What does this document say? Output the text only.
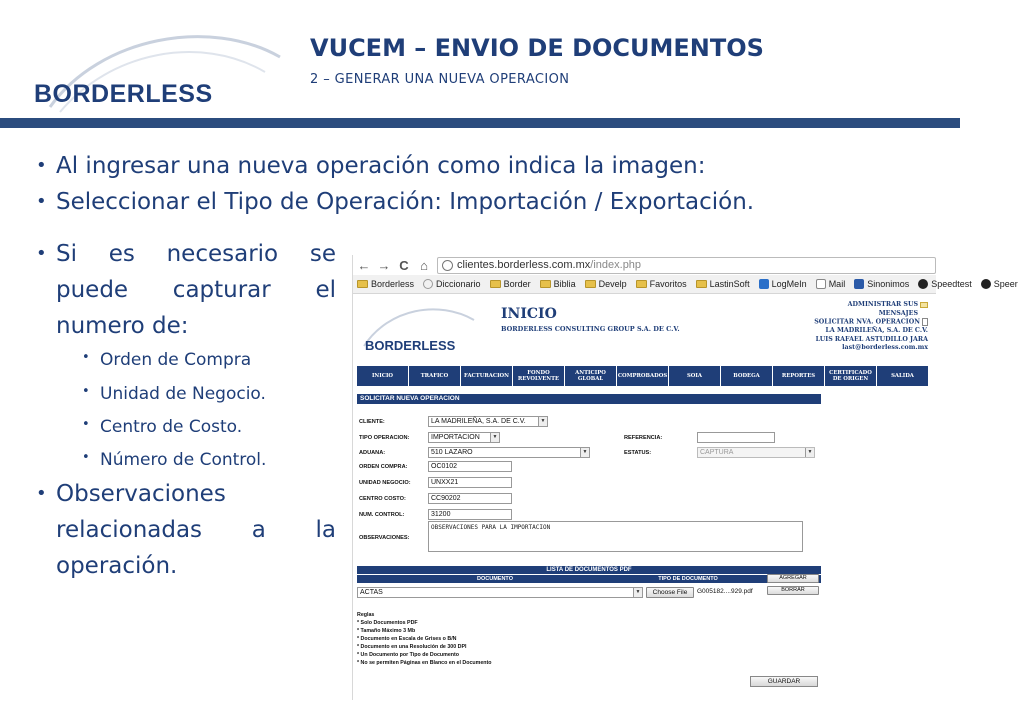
BORDERLESS
VUCEM – ENVIO DE DOCUMENTOS
2 – GENERAR UNA NUEVA OPERACION
• Al ingresar una nueva operación como indica la imagen:
• Seleccionar el Tipo de Operación: Importación / Exportación.
• Si es necesario se puede capturar el numero de:
• Orden de Compra
• Unidad de Negocio.
• Centro de Costo.
• Número de Control.
• Observaciones relacionadas a la operación.
← → C ⌂	clientes.borderless.com.mx /index.php
Borderless Diccionario	Border	Biblia	Develp	Favoritos	LastinSoft LogMeIn Mail Sinonimos Speedtest Speer
BORDERLESS
INICIO
BORDERLESS CONSULTING GROUP S.A. DE C.V.
ADMINISTRAR SUS
MENSAJES
SOLICITAR NVA. OPERACION
LA MADRILEÑA, S.A. DE C.V.
LUIS RAFAEL ASTUDILLO JARA
last@borderless.com.mx
INICIO	TRAFICO	FACTURACION	FONDO REVOLVENTE
ANTICIPO GLOBAL	COMPROBADOS	SOIA	BODEGA	REPORTES	CERTIFICADO DE ORIGEN	SALIDA
SOLICITAR NUEVA OPERACION
CLIENTE:	LA MADRILEÑA, S.A. DE C.V.	▼
TIPO OPERACION:	IMPORTACION	▼
ADUANA:	510 LAZARO	▼
REFERENCIA:
ESTATUS:	CAPTURA	▼
ORDEN COMPRA:	OC0102
UNIDAD NEGOCIO:	UNXX21
CENTRO COSTO:	CC90202
NUM. CONTROL:	31200
OBSERVACIONES:
OBSERVACIONES PARA LA IMPORTACION
LISTA DE DOCUMENTOS PDF
DOCUMENTO	TIPO DE DOCUMENTO	AGREGAR
ACTAS	▼	Choose File	G005182....929.pdf	BORRAR
Reglas
* Solo Documentos PDF
* Tamaño Máximo 3 Mb
* Documento en Escala de Grises o B/N
* Documento en una Resolución de 300 DPI
* Un Documento por Tipo de Documento
* No se permiten Páginas en Blanco en el Documento
GUARDAR
